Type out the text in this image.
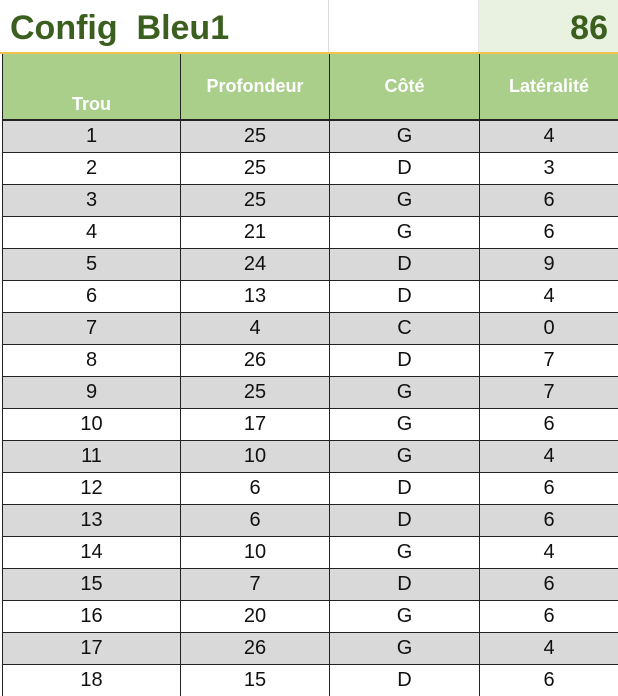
Config  Bleu1	86
Trou	Profondeur	Côté	Latéralité
1	25	G	4
2	25	D	3
3	25	G	6
4	21	G	6
5	24	D	9
6	13	D	4
7	4	C	0
8	26	D	7
9	25	G	7
10	17	G	6
11	10	G	4
12	6	D	6
13	6	D	6
14	10	G	4
15	7	D	6
16	20	G	6
17	26	G	4
18	15	D	6
